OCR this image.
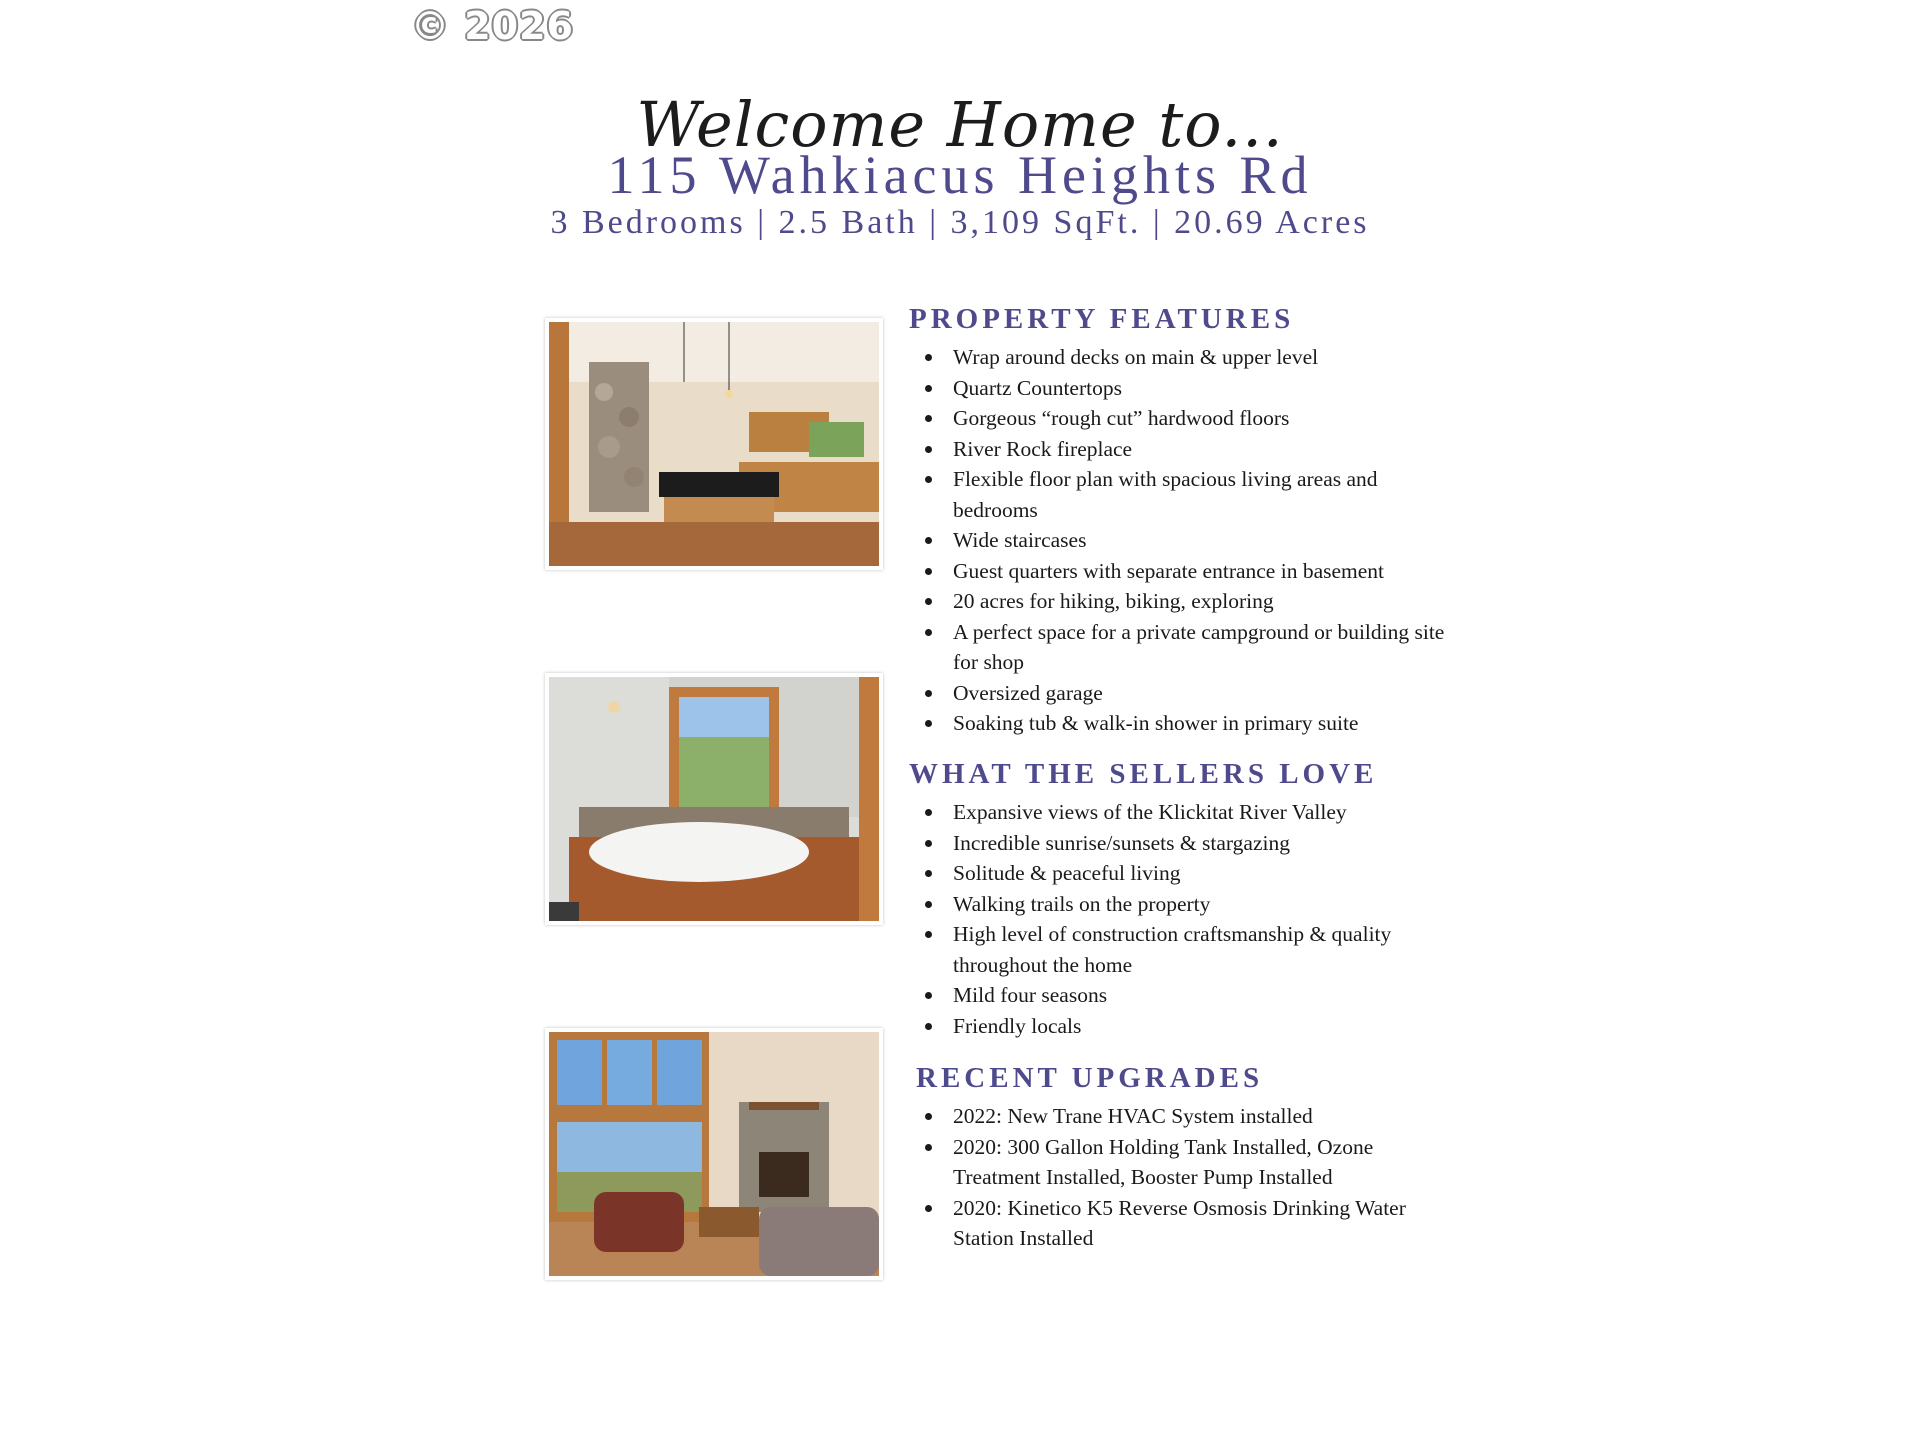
© 2026
Welcome Home to...
115 Wahkiacus Heights Rd
3 Bedrooms | 2.5 Bath | 3,109 SqFt. | 20.69 Acres
PROPERTY FEATURES
Wrap around decks on main & upper level
Quartz Countertops
Gorgeous “rough cut” hardwood floors
River Rock fireplace
Flexible floor plan with spacious living areas and bedrooms
Wide staircases
Guest quarters with separate entrance in basement
20 acres for hiking, biking, exploring
A perfect space for a private campground or building site for shop
Oversized garage
Soaking tub & walk-in shower in primary suite
WHAT THE SELLERS LOVE
Expansive views of the Klickitat River Valley
Incredible sunrise/sunsets & stargazing
Solitude & peaceful living
Walking trails on the property
High level of construction craftsmanship & quality throughout the home
Mild four seasons
Friendly locals
RECENT UPGRADES
2022: New Trane HVAC System installed
2020: 300 Gallon Holding Tank Installed, Ozone Treatment Installed, Booster Pump Installed
2020: Kinetico K5 Reverse Osmosis Drinking Water Station Installed
